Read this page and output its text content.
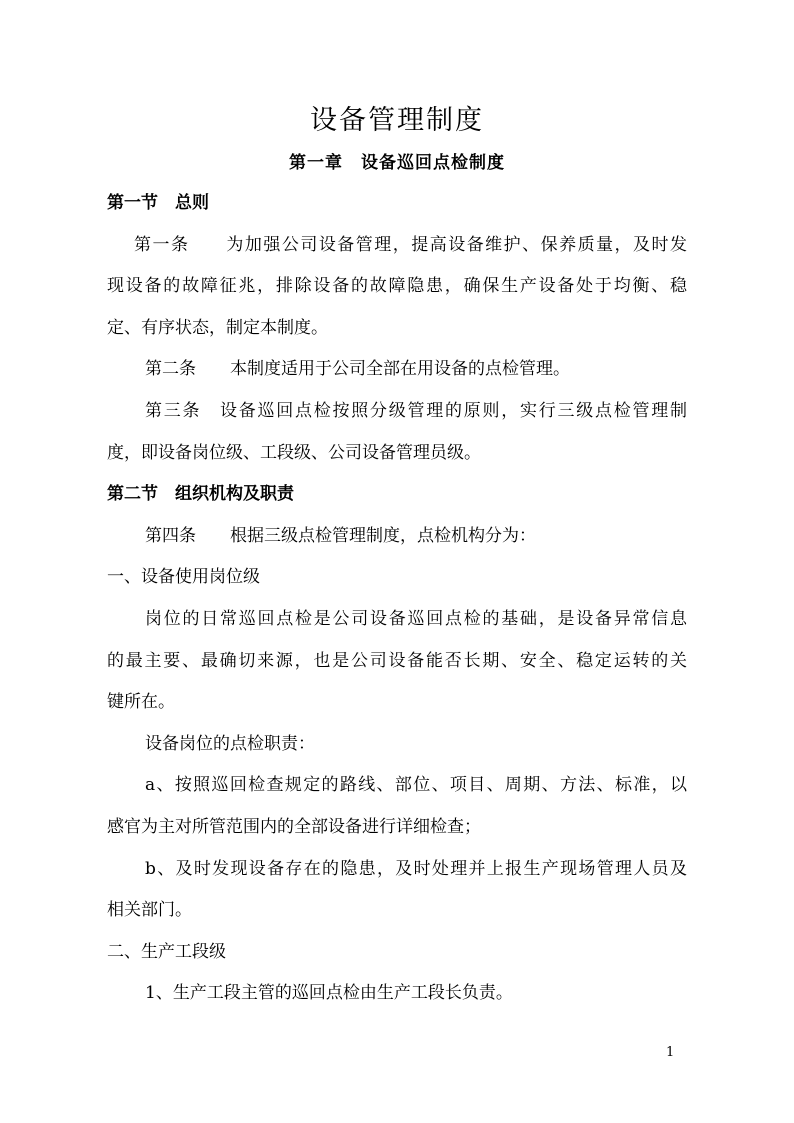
设备管理制度
第一章　设备巡回点检制度
第一节　总则
第一条　　为加强公司设备管理，提高设备维护、保养质量，及时发
现设备的故障征兆，排除设备的故障隐患，确保生产设备处于均衡、稳
定、有序状态，制定本制度。
第二条　　本制度适用于公司全部在用设备的点检管理。
第三条　设备巡回点检按照分级管理的原则，实行三级点检管理制
度，即设备岗位级、工段级、公司设备管理员级。
第二节　组织机构及职责
第四条　　根据三级点检管理制度，点检机构分为：
一、设备使用岗位级
岗位的日常巡回点检是公司设备巡回点检的基础，是设备异常信息
的最主要、最确切来源，也是公司设备能否长期、安全、稳定运转的关
键所在。
设备岗位的点检职责：
a、按照巡回检查规定的路线、部位、项目、周期、方法、标准，以
感官为主对所管范围内的全部设备进行详细检查；
b、及时发现设备存在的隐患，及时处理并上报生产现场管理人员及
相关部门。
二、生产工段级
1、生产工段主管的巡回点检由生产工段长负责。
1
